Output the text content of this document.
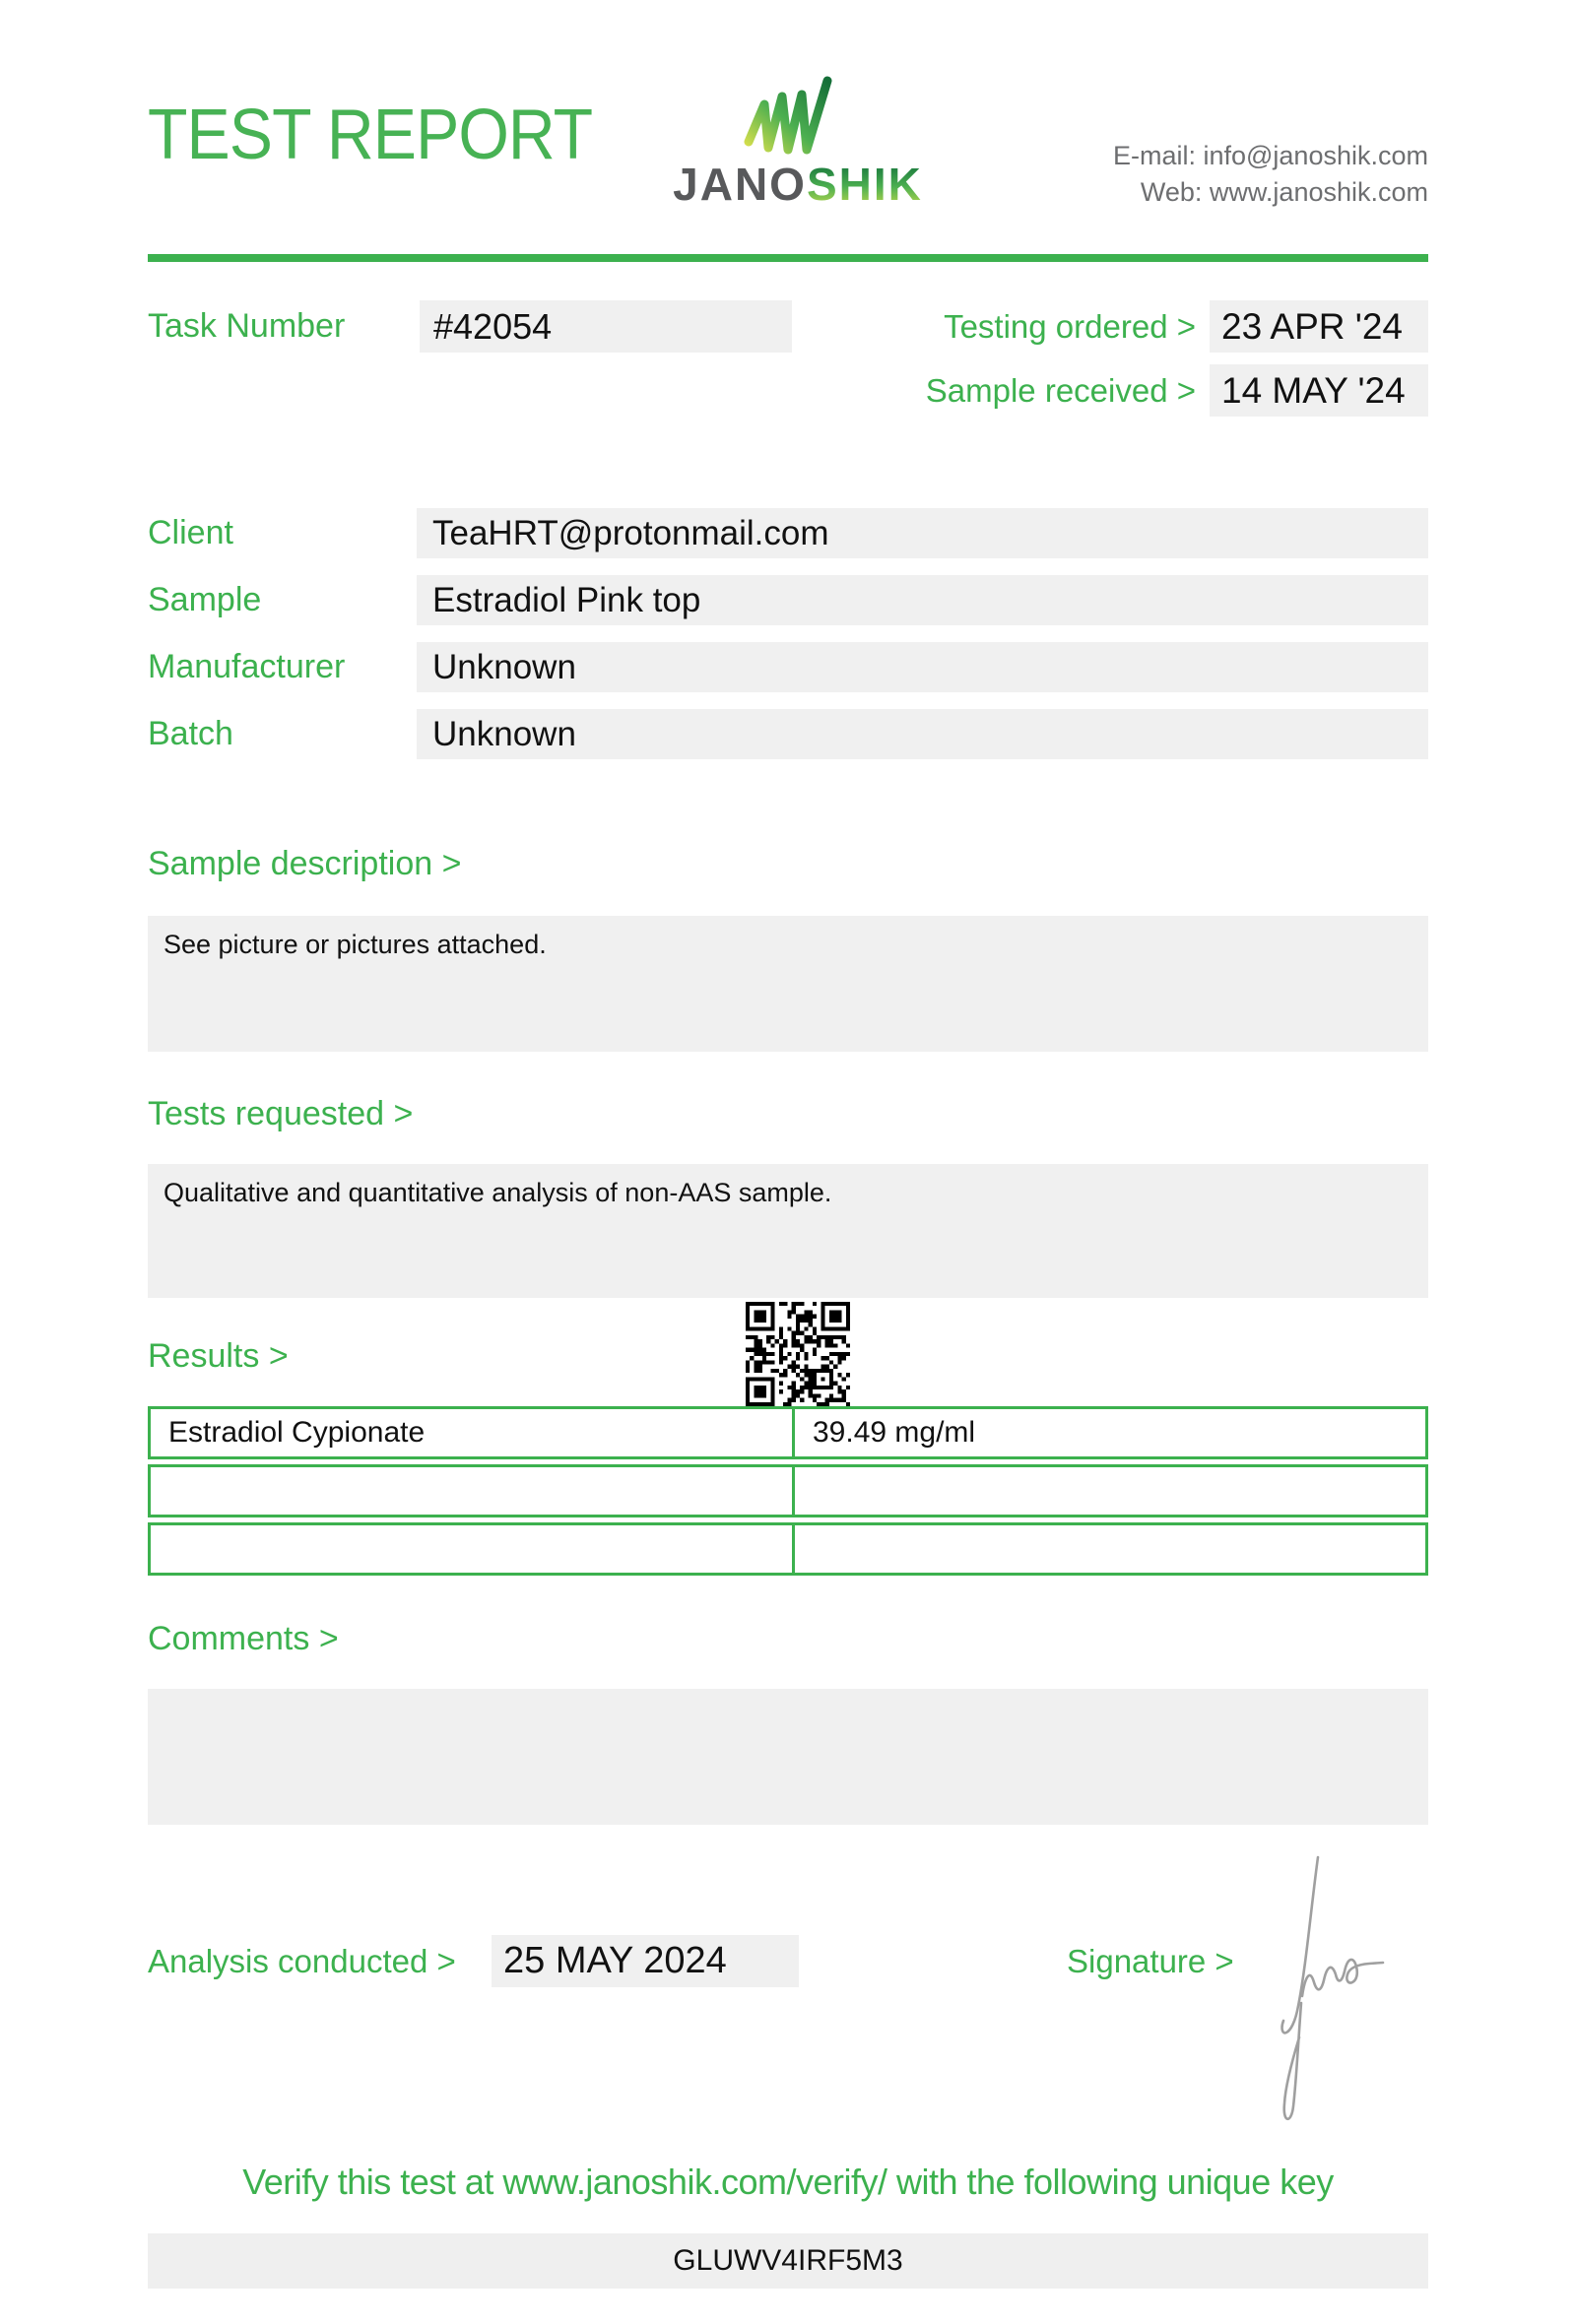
TEST REPORT
JANOSHIK
E-mail: info@janoshik.com
Web: www.janoshik.com
Task Number	#42054	Testing ordered > 23 APR '24
Sample received > 14 MAY '24
Client	TeaHRT@protonmail.com
Sample	Estradiol Pink top
Manufacturer	Unknown
Batch	Unknown
Sample description >
See picture or pictures attached.
Tests requested >
Qualitative and quantitative analysis of non-AAS sample.
Results >
Estradiol Cypionate	39.49 mg/ml
Comments >
Analysis conducted >	25 MAY 2024	Signature >
Verify this test at www.janoshik.com/verify/ with the following unique key
GLUWV4IRF5M3
